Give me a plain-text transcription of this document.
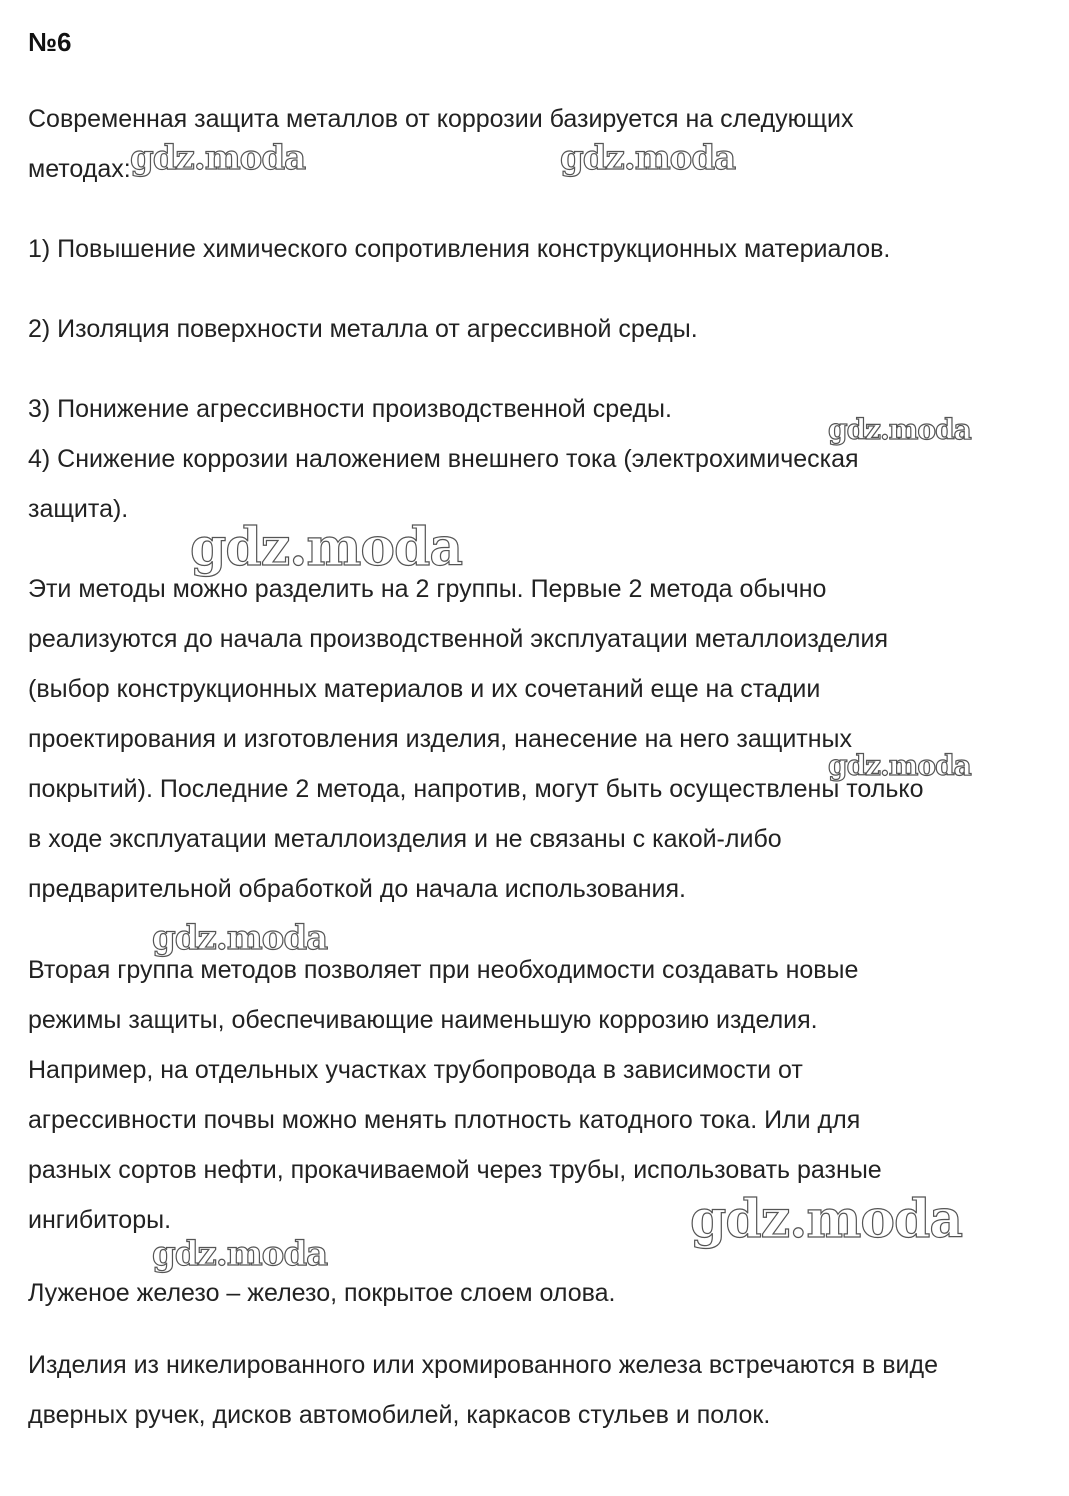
№6
Современная защита металлов от коррозии базируется на следующих
методах:
1) Повышение химического сопротивления конструкционных материалов.
2) Изоляция поверхности металла от агрессивной среды.
3) Понижение агрессивности производственной среды.
4) Снижение коррозии наложением внешнего тока (электрохимическая
защита).
Эти методы можно разделить на 2 группы. Первые 2 метода обычно
реализуются до начала производственной эксплуатации металлоизделия
(выбор конструкционных материалов и их сочетаний еще на стадии
проектирования и изготовления изделия, нанесение на него защитных
покрытий). Последние 2 метода, напротив, могут быть осуществлены только
в ходе эксплуатации металлоизделия и не связаны с какой-либо
предварительной обработкой до начала использования.
Вторая группа методов позволяет при необходимости создавать новые
режимы защиты, обеспечивающие наименьшую коррозию изделия.
Например, на отдельных участках трубопровода в зависимости от
агрессивности почвы можно менять плотность катодного тока. Или для
разных сортов нефти, прокачиваемой через трубы, использовать разные
ингибиторы.
Луженое железо – железо, покрытое слоем олова.
Изделия из никелированного или хромированного железа встречаются в виде
дверных ручек, дисков автомобилей, каркасов стульев и полок.
gdz.moda	gdz.moda
gdz.moda
gdz.moda
gdz.moda
gdz.moda
gdz.moda
gdz.moda
